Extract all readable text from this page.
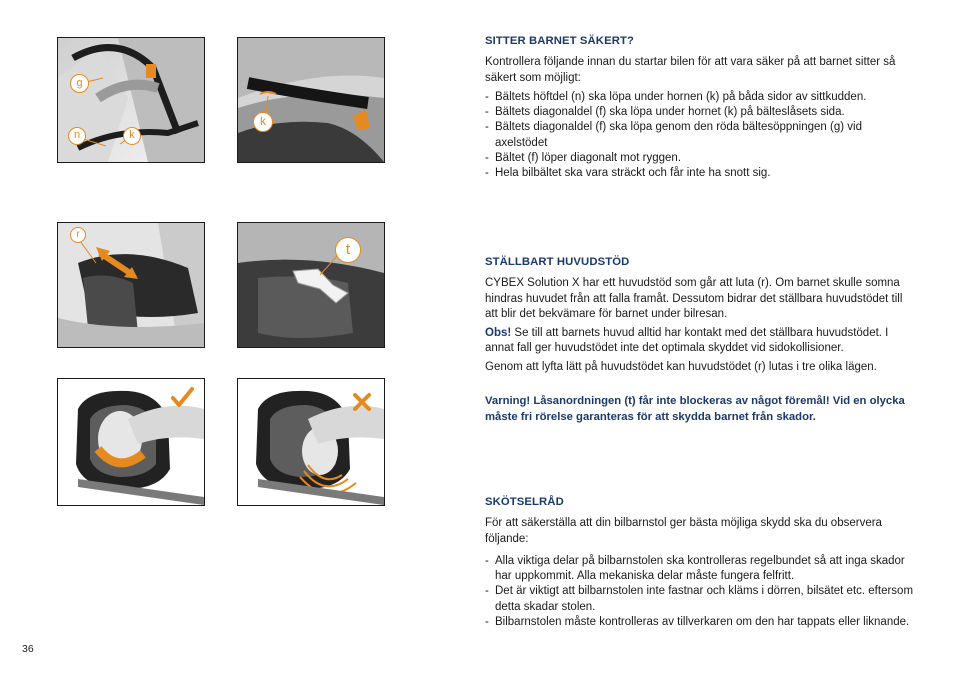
g
n	k
k
r
t
SITTER BARNET SÄKERT?

Kontrollera följande innan du startar bilen för att vara säker på att barnet sitter så säkert som möjligt:

- Bältets höftdel (n) ska löpa under hornen (k) på båda sidor av sittkudden.
- Bältets diagonaldel (f) ska löpa under hornet (k) på bälteslåsets sida.
- Bältets diagonaldel (f) ska löpa genom den röda bältesöppningen (g) vid axelstödet
- Bältet (f) löper diagonalt mot ryggen.
- Hela bilbältet ska vara sträckt och får inte ha snott sig.
STÄLLBART HUVUDSTÖD

CYBEX Solution X har ett huvudstöd som går att luta (r). Om barnet skulle somna hindras huvudet från att falla framåt. Dessutom bidrar det ställbara huvudstödet till att blir det bekvämare för barnet under bilresan.

Obs! Se till att barnets huvud alltid har kontakt med det ställbara huvudstödet. I annat fall ger huvudstödet inte det optimala skyddet vid sidokollisioner.

Genom att lyfta lätt på huvudstödet kan huvudstödet (r) lutas i tre olika lägen.

Varning! Låsanordningen (t) får inte blockeras av något föremål! Vid en olycka måste fri rörelse garanteras för att skydda barnet från skador.

SKÖTSELRÅD

För att säkerställa att din bilbarnstol ger bästa möjliga skydd ska du observera följande:

- Alla viktiga delar på bilbarnstolen ska kontrolleras regelbundet så att inga skador har uppkommit. Alla mekaniska delar måste fungera felfritt.
- Det är viktigt att bilbarnstolen inte fastnar och kläms i dörren, bilsätet etc. eftersom detta skadar stolen.
- Bilbarnstolen måste kontrolleras av tillverkaren om den har tappats eller liknande.
36
